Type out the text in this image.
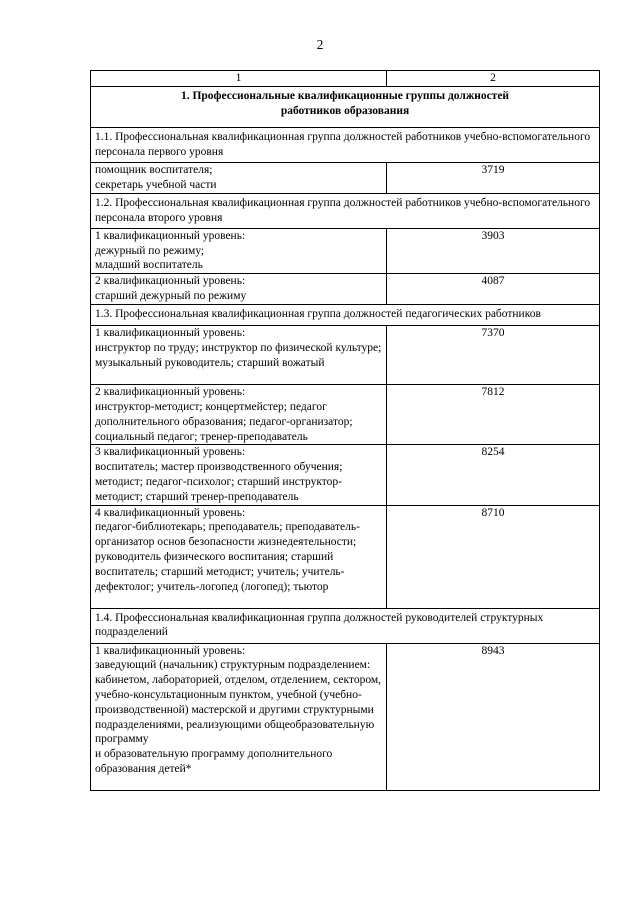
2
1	2
1. Профессиональные квалификационные группы должностей
работников образования	
1.1. Профессиональная квалификационная группа должностей работников учебно-вспомогательного персонала первого уровня	
помощник воспитателя;
секретарь учебной части	3719
1.2. Профессиональная квалификационная группа должностей работников учебно-вспомогательного персонала второго уровня	
1 квалификационный уровень:
дежурный по режиму;
младший воспитатель	3903
2 квалификационный уровень:
старший дежурный по режиму	4087
1.3. Профессиональная квалификационная группа должностей педагогических работников	
1 квалификационный уровень:
инструктор по труду; инструктор по физической культуре; музыкальный руководитель; старший вожатый	7370
2 квалификационный уровень:
инструктор-методист; концертмейстер; педагог дополнительного образования; педагог-организатор; социальный педагог; тренер-преподаватель	7812
3 квалификационный уровень:
воспитатель; мастер производственного обучения; методист; педагог-психолог; старший инструктор-методист; старший тренер-преподаватель	8254
4 квалификационный уровень:
педагог-библиотекарь; преподаватель; преподаватель-организатор основ безопасности жизнедеятельности; руководитель физического воспитания; старший воспитатель; старший методист; учитель; учитель-дефектолог; учитель-логопед (логопед); тьютор	8710
1.4. Профессиональная квалификационная группа должностей руководителей структурных подразделений	
1 квалификационный уровень:
заведующий (начальник) структурным подразделением: кабинетом, лабораторией, отделом, отделением, сектором, учебно-консультационным пунктом, учебной (учебно-производственной) мастерской и другими структурными подразделениями, реализующими общеобразовательную программу
и образовательную программу дополнительного образования детей*	8943
